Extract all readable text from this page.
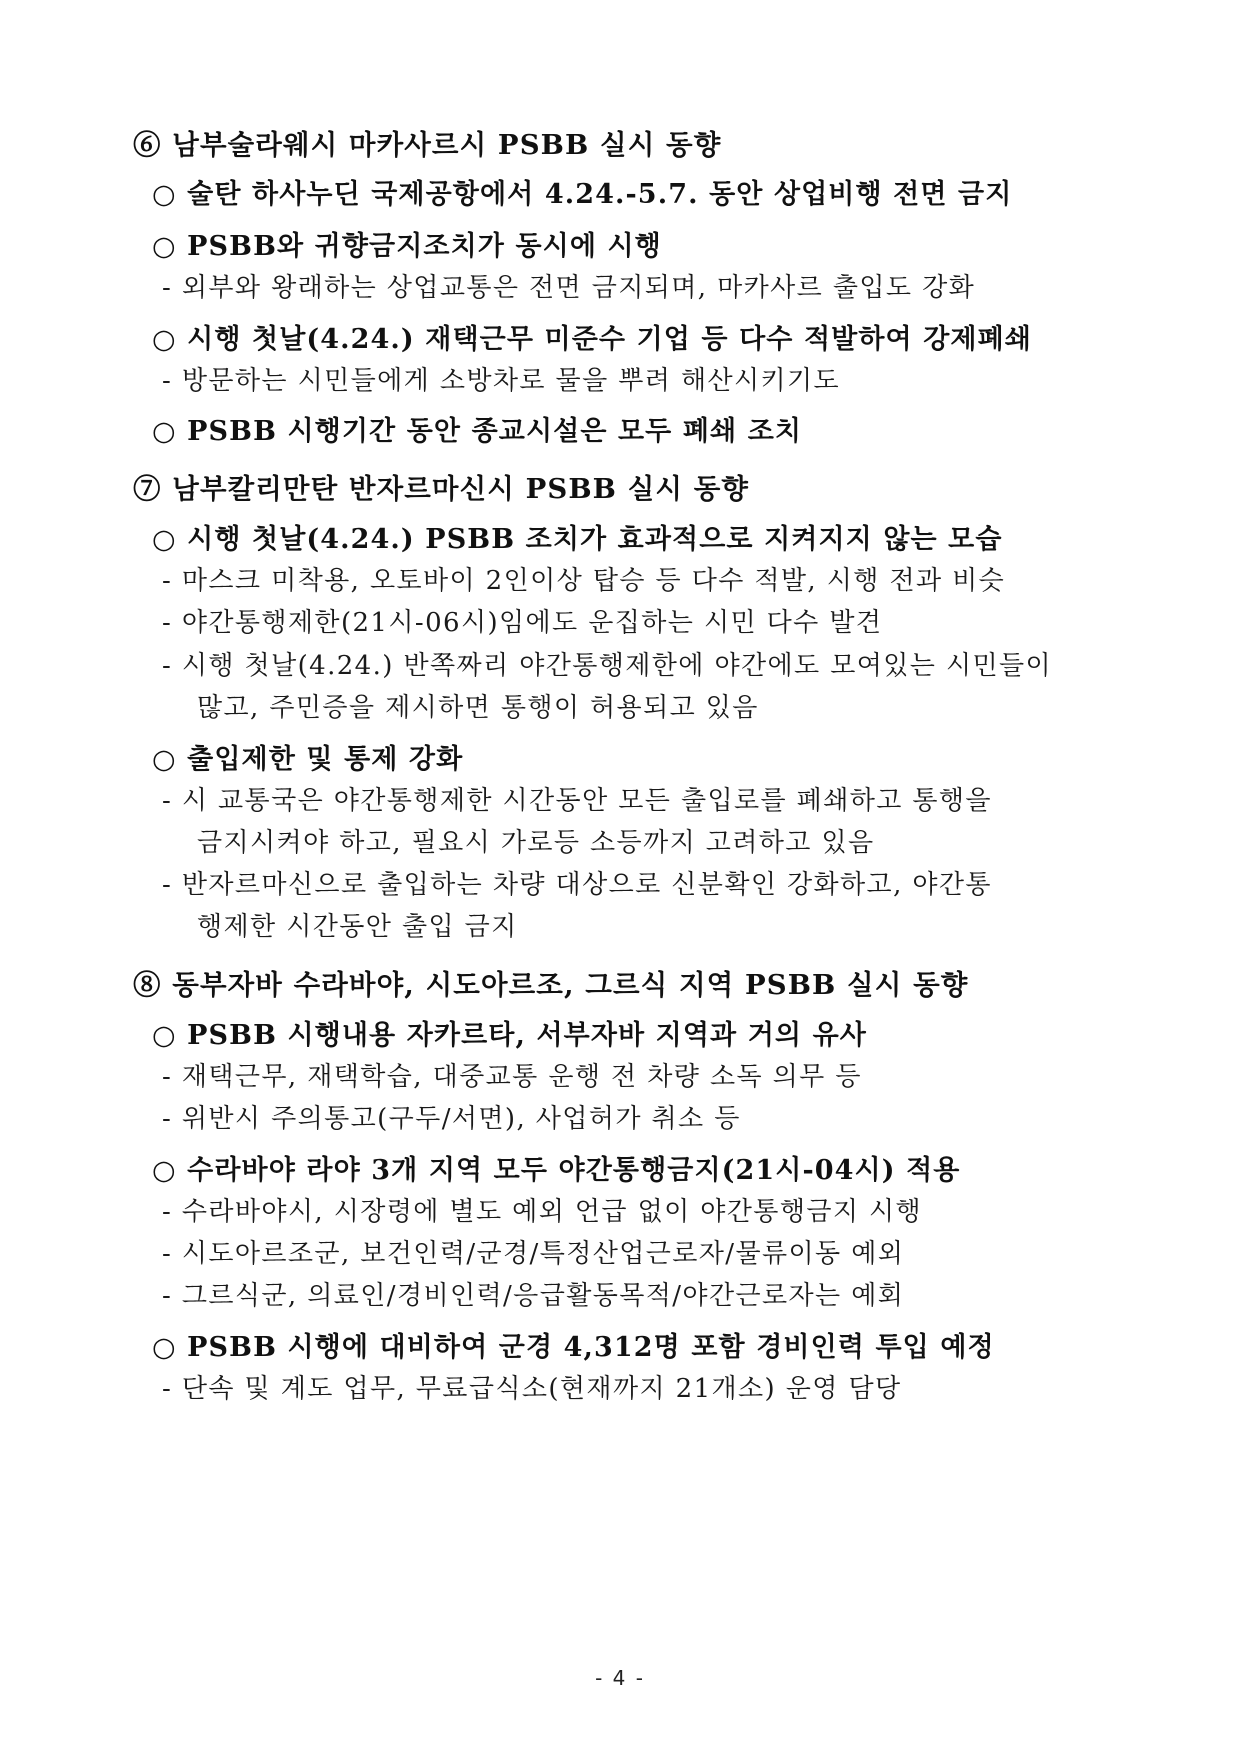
⑥ 남부술라웨시 마카사르시 PSBB 실시 동향
○ 술탄 하사누딘 국제공항에서 4.24.-5.7. 동안 상업비행 전면 금지
○ PSBB와 귀향금지조치가 동시에 시행
- 외부와 왕래하는 상업교통은 전면 금지되며, 마카사르 출입도 강화
○ 시행 첫날(4.24.) 재택근무 미준수 기업 등 다수 적발하여 강제폐쇄
- 방문하는 시민들에게 소방차로 물을 뿌려 해산시키기도
○ PSBB 시행기간 동안 종교시설은 모두 폐쇄 조치
⑦ 남부칼리만탄 반자르마신시 PSBB 실시 동향
○ 시행 첫날(4.24.) PSBB 조치가 효과적으로 지켜지지 않는 모습
- 마스크 미착용, 오토바이 2인이상 탑승 등 다수 적발, 시행 전과 비슷
- 야간통행제한(21시-06시)임에도 운집하는 시민 다수 발견
- 시행 첫날(4.24.) 반쪽짜리 야간통행제한에 야간에도 모여있는 시민들이
많고, 주민증을 제시하면 통행이 허용되고 있음
○ 출입제한 및 통제 강화
- 시 교통국은 야간통행제한 시간동안 모든 출입로를 폐쇄하고 통행을
금지시켜야 하고, 필요시 가로등 소등까지 고려하고 있음
- 반자르마신으로 출입하는 차량 대상으로 신분확인 강화하고, 야간통
행제한 시간동안 출입 금지
⑧ 동부자바 수라바야, 시도아르조, 그르식 지역 PSBB 실시 동향
○ PSBB 시행내용 자카르타, 서부자바 지역과 거의 유사
- 재택근무, 재택학습, 대중교통 운행 전 차량 소독 의무 등
- 위반시 주의통고(구두/서면), 사업허가 취소 등
○ 수라바야 라야 3개 지역 모두 야간통행금지(21시-04시) 적용
- 수라바야시, 시장령에 별도 예외 언급 없이 야간통행금지 시행
- 시도아르조군, 보건인력/군경/특정산업근로자/물류이동 예외
- 그르식군, 의료인/경비인력/응급활동목적/야간근로자는 예회
○ PSBB 시행에 대비하여 군경 4,312명 포함 경비인력 투입 예정
- 단속 및 계도 업무, 무료급식소(현재까지 21개소) 운영 담당
- 4 -
